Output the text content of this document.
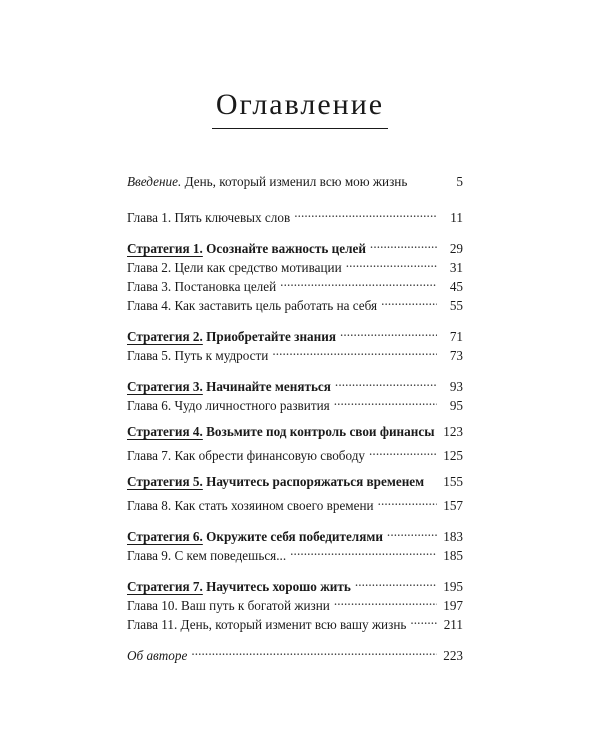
Оглавление
Введение. День, который изменил всю мою жизнь	5
Глава 1. Пять ключевых слов . . .	11
Стратегия 1. Осознайте важность целей . . .	29
Глава 2. Цели как средство мотивации . . .	31
Глава 3. Постановка целей . . .	45
Глава 4. Как заставить цель работать на себя . . .	55
Стратегия 2. Приобретайте знания . . .	71
Глава 5. Путь к мудрости . . .	73
Стратегия 3. Начинайте меняться . . .	93
Глава 6. Чудо личностного развития . . .	95
Стратегия 4. Возьмите под контроль свои финансы 123
Глава 7. Как обрести финансовую свободу . . .	125
Стратегия 5. Научитесь распоряжаться временем 155
Глава 8. Как стать хозяином своего времени . . .	157
Стратегия 6. Окружите себя победителями . . .	183
Глава 9. С кем поведешься... . . .	185
Стратегия 7. Научитесь хорошо жить . . .	195
Глава 10. Ваш путь к богатой жизни . . .	197
Глава 11. День, который изменит всю вашу жизнь . . .	211
Об авторе . . .	223
